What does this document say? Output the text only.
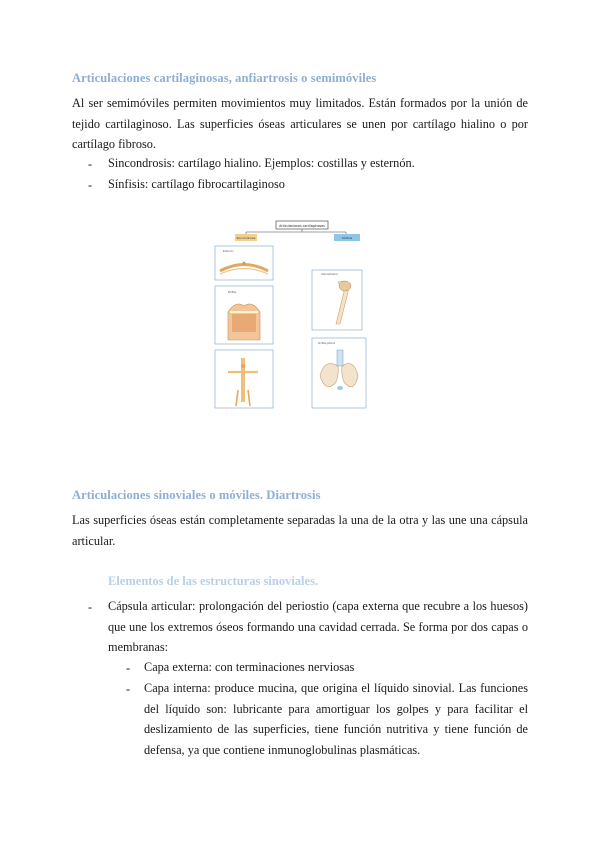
Articulaciones cartilaginosas, anfiartrosis o semimóviles
Al ser semimóviles permiten movimientos muy limitados. Están formados por la unión de tejido cartilaginoso. Las superficies óseas articulares se unen por cartílago hialino o por cartílago fibroso.
- Sincondrosis: cartílago hialino. Ejemplos: costillas y esternón.
- Sínfisis: cartílago fibrocartilaginoso
Articulaciones cartilaginosas
Sincondrosis	Sínfisis
Esternón
Epífisis
Intervertebral
Sínfisis púbica
Articulaciones sinoviales o móviles. Diartrosis
Las superficies óseas están completamente separadas la una de la otra y las une una cápsula articular.
Elementos de las estructuras sinoviales.
- Cápsula articular: prolongación del periostio (capa externa que recubre a los huesos) que une los extremos óseos formando una cavidad cerrada. Se forma por dos capas o membranas:
- Capa externa: con terminaciones nerviosas
- Capa interna: produce mucina, que origina el líquido sinovial. Las funciones del líquido son: lubricante para amortiguar los golpes y para facilitar el deslizamiento de las superficies, tiene función nutritiva y tiene función de defensa, ya que contiene inmunoglobulinas plasmáticas.
